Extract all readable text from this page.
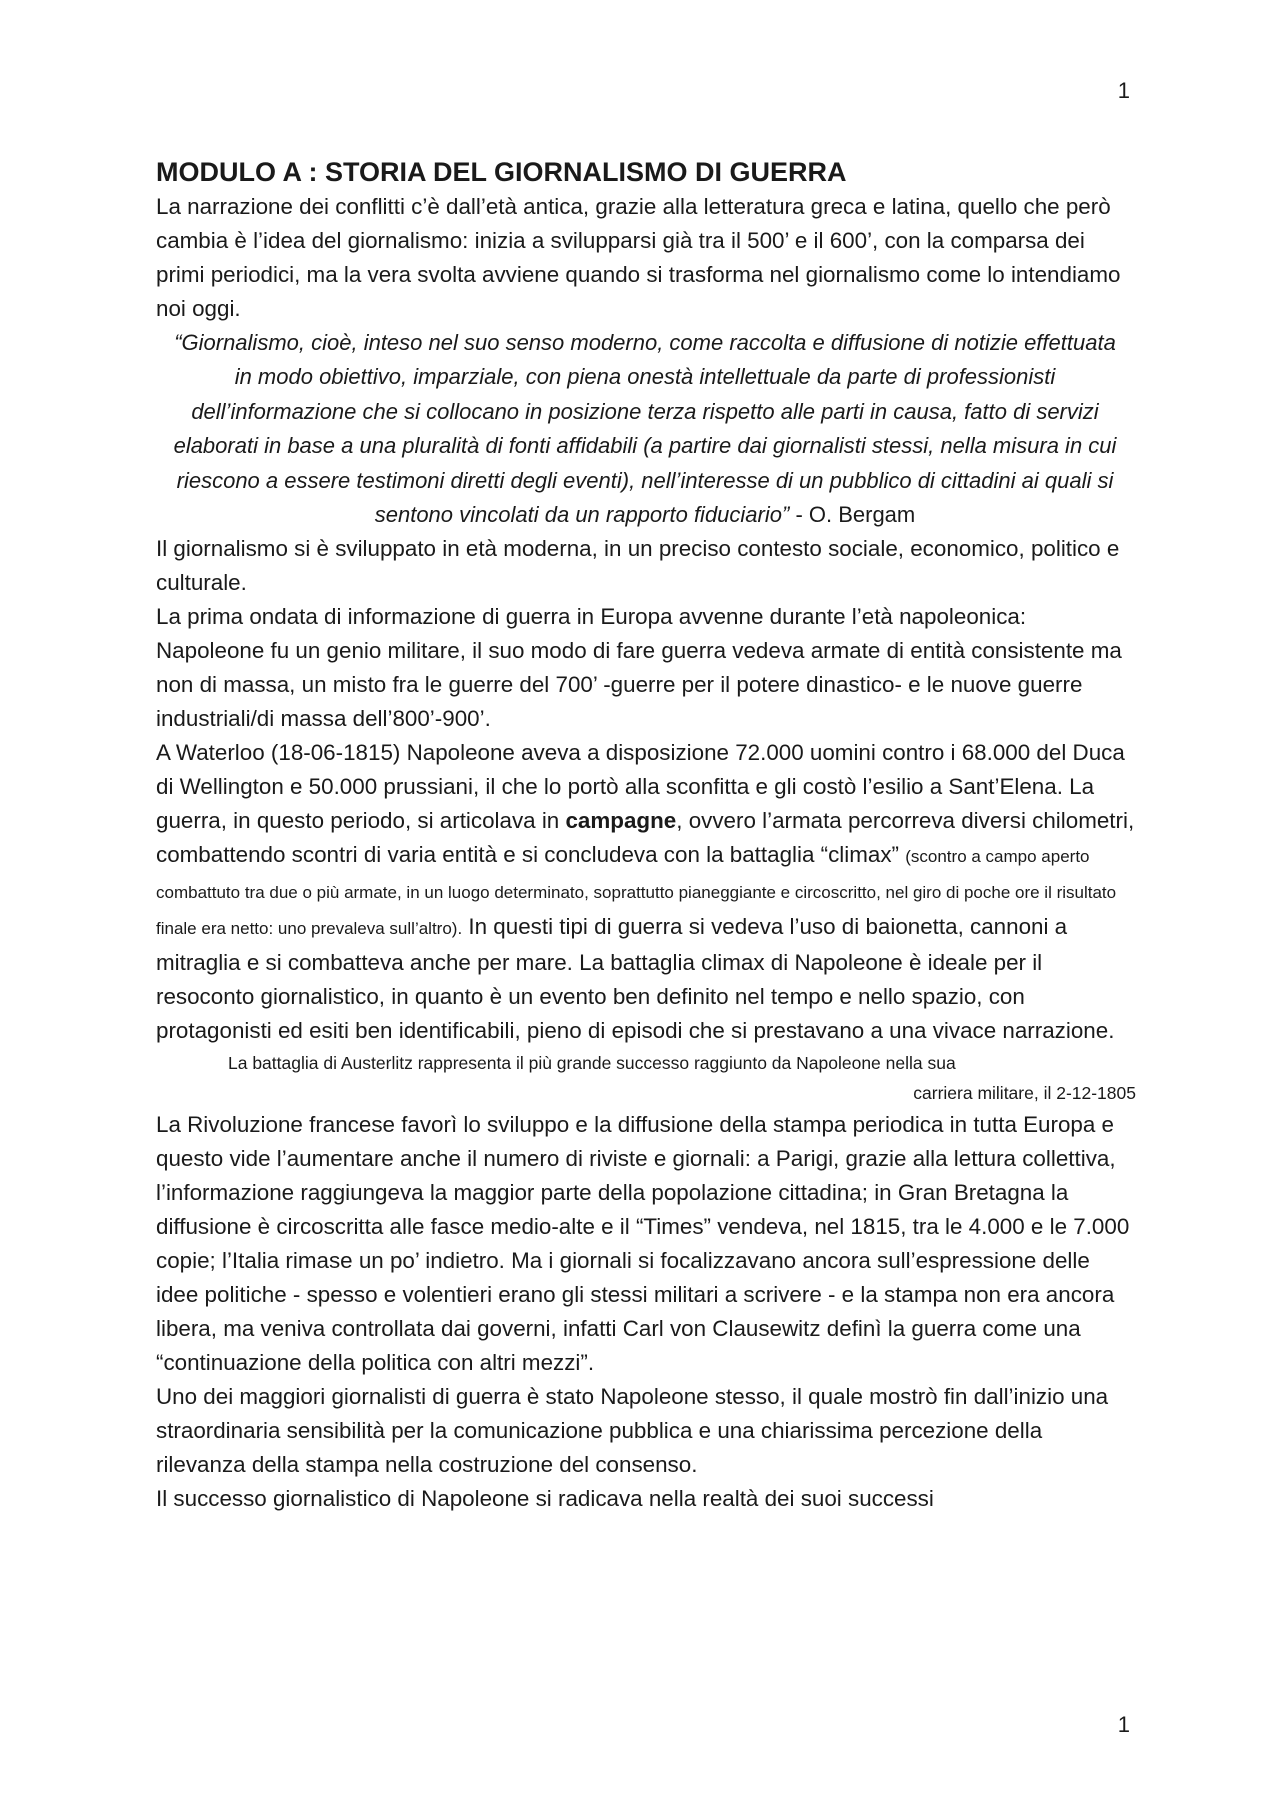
1
MODULO A : STORIA DEL GIORNALISMO DI GUERRA

La narrazione dei conflitti c’è dall’età antica, grazie alla letteratura greca e latina, quello che però cambia è l’idea del giornalismo: inizia a svilupparsi già tra il 500’ e il 600’, con la comparsa dei primi periodici, ma la vera svolta avviene quando si trasforma nel giornalismo come lo intendiamo noi oggi.

“Giornalismo, cioè, inteso nel suo senso moderno, come raccolta e diffusione di notizie effettuata in modo obiettivo, imparziale, con piena onestà intellettuale da parte di professionisti dell’informazione che si collocano in posizione terza rispetto alle parti in causa, fatto di servizi elaborati in base a una pluralità di fonti affidabili (a partire dai giornalisti stessi, nella misura in cui riescono a essere testimoni diretti degli eventi), nell’interesse di un pubblico di cittadini ai quali si sentono vincolati da un rapporto fiduciario” - O. Bergam

Il giornalismo si è sviluppato in età moderna, in un preciso contesto sociale, economico, politico e culturale.

La prima ondata di informazione di guerra in Europa avvenne durante l’età napoleonica: Napoleone fu un genio militare, il suo modo di fare guerra vedeva armate di entità consistente ma non di massa, un misto fra le guerre del 700’ -guerre per il potere dinastico- e le nuove guerre industriali/di massa dell’800’-900’.

A Waterloo (18-06-1815) Napoleone aveva a disposizione 72.000 uomini contro i 68.000 del Duca di Wellington e 50.000 prussiani, il che lo portò alla sconfitta e gli costò l’esilio a Sant’Elena. La guerra, in questo periodo, si articolava in campagne, ovvero l’armata percorreva diversi chilometri, combattendo scontri di varia entità e si concludeva con la battaglia “climax” (scontro a campo aperto combattuto tra due o più armate, in un luogo determinato, soprattutto pianeggiante e circoscritto, nel giro di poche ore il risultato finale era netto: uno prevaleva sull’altro). In questi tipi di guerra si vedeva l’uso di baionetta, cannoni a mitraglia e si combatteva anche per mare. La battaglia climax di Napoleone è ideale per il resoconto giornalistico, in quanto è un evento ben definito nel tempo e nello spazio, con protagonisti ed esiti ben identificabili, pieno di episodi che si prestavano a una vivace narrazione.

La battaglia di Austerlitz rappresenta il più grande successo raggiunto da Napoleone nella sua
carriera militare, il 2-12-1805

La Rivoluzione francese favorì lo sviluppo e la diffusione della stampa periodica in tutta Europa e questo vide l’aumentare anche il numero di riviste e giornali: a Parigi, grazie alla lettura collettiva, l’informazione raggiungeva la maggior parte della popolazione cittadina; in Gran Bretagna la diffusione è circoscritta alle fasce medio-alte e il “Times” vendeva, nel 1815, tra le 4.000 e le 7.000 copie; l’Italia rimase un po’ indietro. Ma i giornali si focalizzavano ancora sull’espressione delle idee politiche - spesso e volentieri erano gli stessi militari a scrivere - e la stampa non era ancora libera, ma veniva controllata dai governi, infatti Carl von Clausewitz definì la guerra come una “continuazione della politica con altri mezzi”.

Uno dei maggiori giornalisti di guerra è stato Napoleone stesso, il quale mostrò fin dall’inizio una straordinaria sensibilità per la comunicazione pubblica e una chiarissima percezione della rilevanza della stampa nella costruzione del consenso.

Il successo giornalistico di Napoleone si radicava nella realtà dei suoi successi

1
